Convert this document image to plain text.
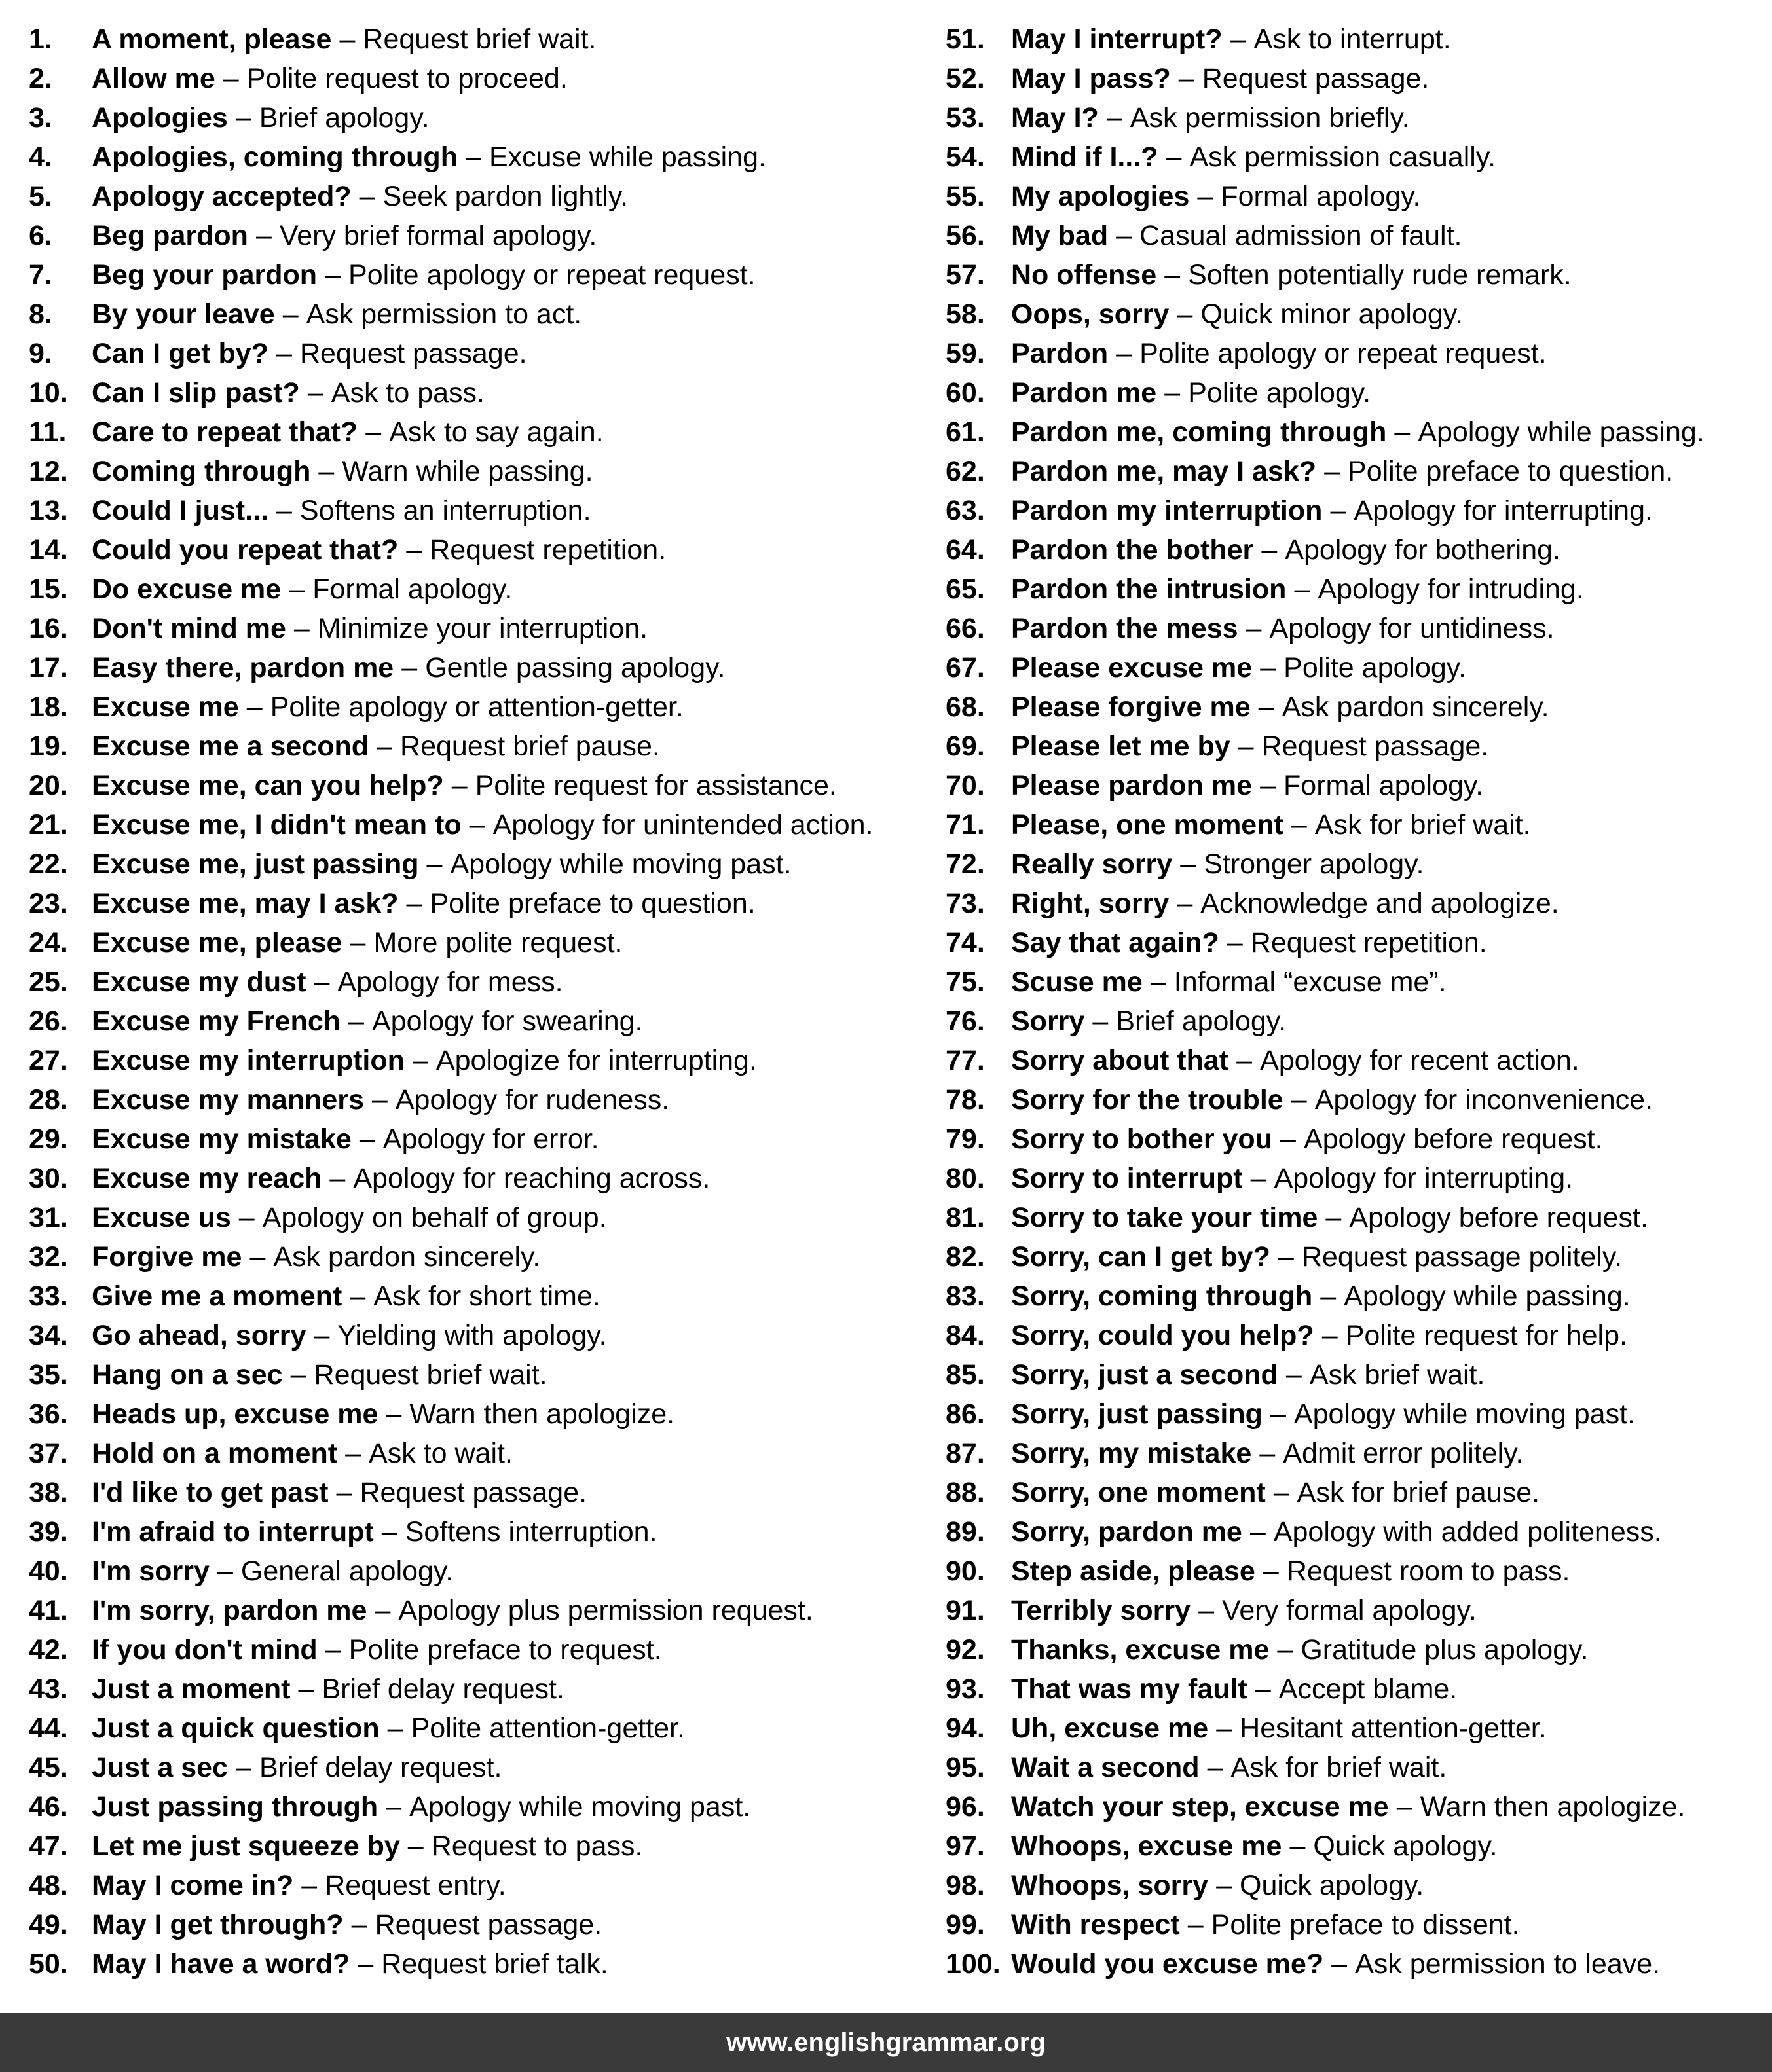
1.	A moment, please – Request brief wait.
2.	Allow me – Polite request to proceed.
3.	Apologies – Brief apology.
4.	Apologies, coming through – Excuse while passing.
5.	Apology accepted? – Seek pardon lightly.
6.	Beg pardon – Very brief formal apology.
7.	Beg your pardon – Polite apology or repeat request.
8.	By your leave – Ask permission to act.
9.	Can I get by? – Request passage.
10. Can I slip past? – Ask to pass.
11. Care to repeat that? – Ask to say again.
12. Coming through – Warn while passing.
13. Could I just... – Softens an interruption.
14. Could you repeat that? – Request repetition.
15. Do excuse me – Formal apology.
16. Don't mind me – Minimize your interruption.
17. Easy there, pardon me – Gentle passing apology.
18. Excuse me – Polite apology or attention-getter.
19. Excuse me a second – Request brief pause.
20. Excuse me, can you help? – Polite request for assistance.
21. Excuse me, I didn't mean to – Apology for unintended action.
22. Excuse me, just passing – Apology while moving past.
23. Excuse me, may I ask? – Polite preface to question.
24. Excuse me, please – More polite request.
25. Excuse my dust – Apology for mess.
26. Excuse my French – Apology for swearing.
27. Excuse my interruption – Apologize for interrupting.
28. Excuse my manners – Apology for rudeness.
29. Excuse my mistake – Apology for error.
30. Excuse my reach – Apology for reaching across.
31. Excuse us – Apology on behalf of group.
32. Forgive me – Ask pardon sincerely.
33. Give me a moment – Ask for short time.
34. Go ahead, sorry – Yielding with apology.
35. Hang on a sec – Request brief wait.
36. Heads up, excuse me – Warn then apologize.
37. Hold on a moment – Ask to wait.
38. I'd like to get past – Request passage.
39. I'm afraid to interrupt – Softens interruption.
40. I'm sorry – General apology.
41. I'm sorry, pardon me – Apology plus permission request.
42. If you don't mind – Polite preface to request.
43. Just a moment – Brief delay request.
44. Just a quick question – Polite attention-getter.
45. Just a sec – Brief delay request.
46. Just passing through – Apology while moving past.
47. Let me just squeeze by – Request to pass.
48. May I come in? – Request entry.
49. May I get through? – Request passage.
50. May I have a word? – Request brief talk.
51. May I interrupt? – Ask to interrupt.
52. May I pass? – Request passage.
53. May I? – Ask permission briefly.
54. Mind if I...? – Ask permission casually.
55. My apologies – Formal apology.
56. My bad – Casual admission of fault.
57. No offense – Soften potentially rude remark.
58. Oops, sorry – Quick minor apology.
59. Pardon – Polite apology or repeat request.
60. Pardon me – Polite apology.
61. Pardon me, coming through – Apology while passing.
62. Pardon me, may I ask? – Polite preface to question.
63. Pardon my interruption – Apology for interrupting.
64. Pardon the bother – Apology for bothering.
65. Pardon the intrusion – Apology for intruding.
66. Pardon the mess – Apology for untidiness.
67. Please excuse me – Polite apology.
68. Please forgive me – Ask pardon sincerely.
69. Please let me by – Request passage.
70. Please pardon me – Formal apology.
71. Please, one moment – Ask for brief wait.
72. Really sorry – Stronger apology.
73. Right, sorry – Acknowledge and apologize.
74. Say that again? – Request repetition.
75. Scuse me – Informal “excuse me”.
76. Sorry – Brief apology.
77. Sorry about that – Apology for recent action.
78. Sorry for the trouble – Apology for inconvenience.
79. Sorry to bother you – Apology before request.
80. Sorry to interrupt – Apology for interrupting.
81. Sorry to take your time – Apology before request.
82. Sorry, can I get by? – Request passage politely.
83. Sorry, coming through – Apology while passing.
84. Sorry, could you help? – Polite request for help.
85. Sorry, just a second – Ask brief wait.
86. Sorry, just passing – Apology while moving past.
87. Sorry, my mistake – Admit error politely.
88. Sorry, one moment – Ask for brief pause.
89. Sorry, pardon me – Apology with added politeness.
90. Step aside, please – Request room to pass.
91. Terribly sorry – Very formal apology.
92. Thanks, excuse me – Gratitude plus apology.
93. That was my fault – Accept blame.
94. Uh, excuse me – Hesitant attention-getter.
95. Wait a second – Ask for brief wait.
96. Watch your step, excuse me – Warn then apologize.
97. Whoops, excuse me – Quick apology.
98. Whoops, sorry – Quick apology.
99. With respect – Polite preface to dissent.
100. Would you excuse me? – Ask permission to leave.
www.englishgrammar.org
